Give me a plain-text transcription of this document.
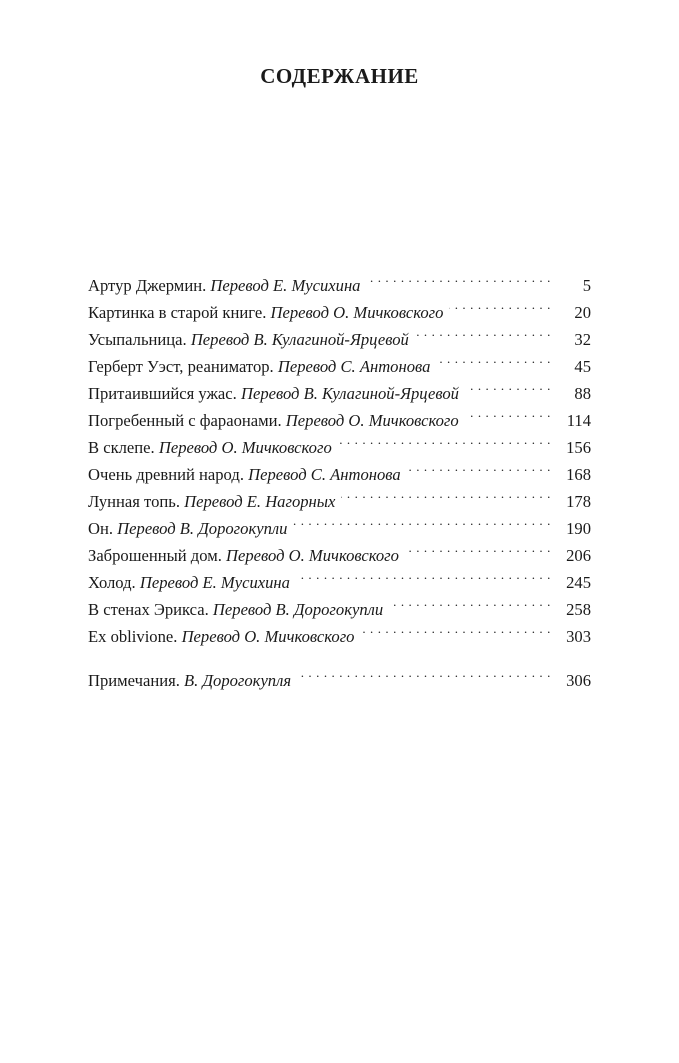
СОДЕРЖАНИЕ
Артур Джермин. Перевод Е. Мусихина . . .	5
Картинка в старой книге. Перевод О. Мичковского . . .	20
Усыпальница. Перевод В. Кулагиной-Ярцевой . . .	32
Герберт Уэст, реаниматор. Перевод С. Антонова . . .	45
Притаившийся ужас. Перевод В. Кулагиной-Ярцевой . . .	88
Погребенный с фараонами. Перевод О. Мичковского . . .	114
В склепе. Перевод О. Мичковского . . .	156
Очень древний народ. Перевод С. Антонова . . .	168
Лунная топь. Перевод Е. Нагорных . . .	178
Он. Перевод В. Дорогокупли . . .	190
Заброшенный дом. Перевод О. Мичковского . . .	206
Холод. Перевод Е. Мусихина . . .	245
В стенах Эрикса. Перевод В. Дорогокупли . . .	258
Ex oblivione. Перевод О. Мичковского . . .	303
Примечания. В. Дорогокупля . . .	306
